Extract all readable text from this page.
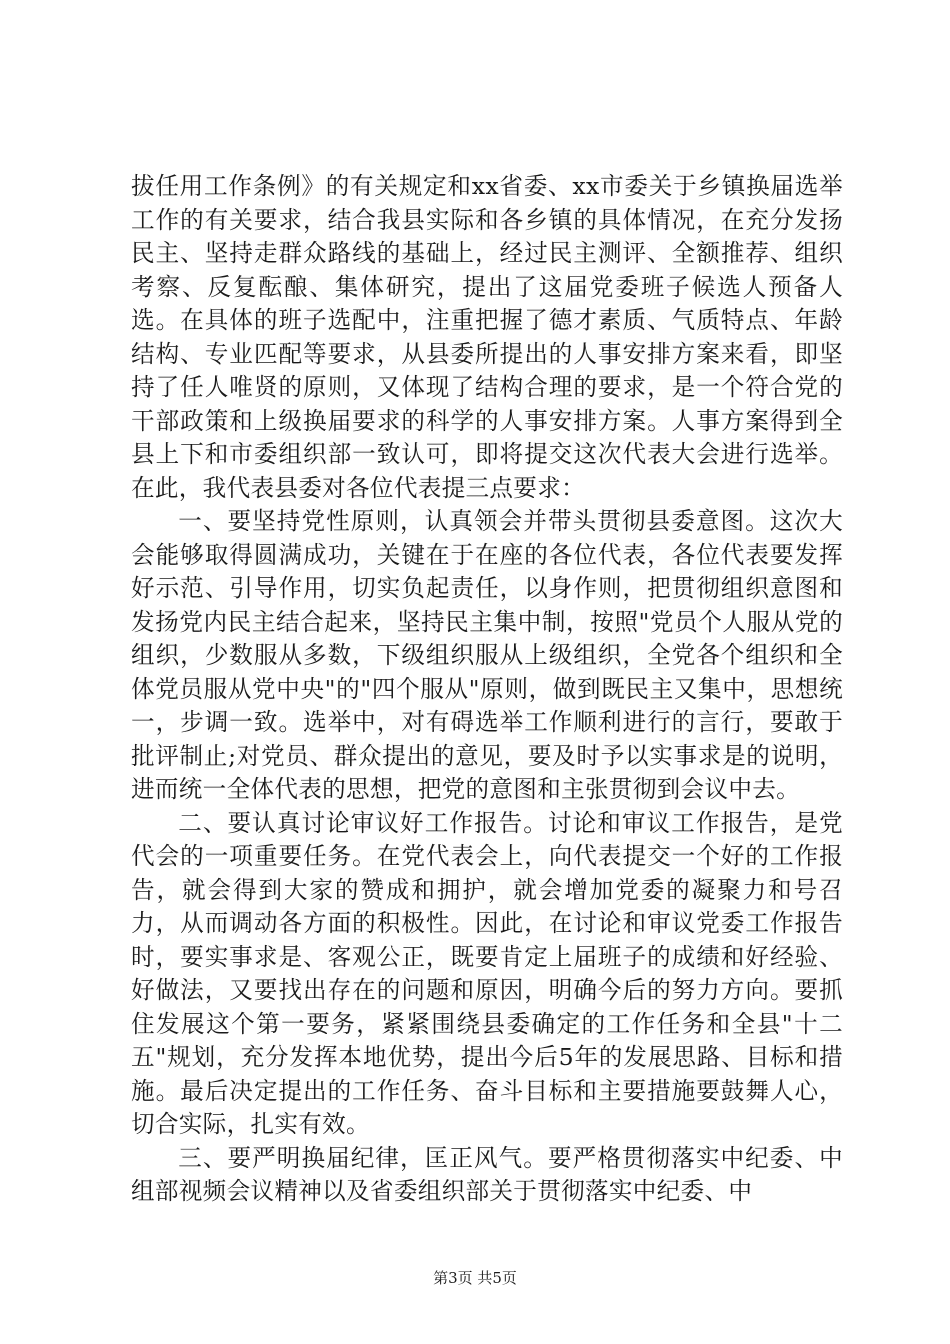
拔任用工作条例》的有关规定和xx省委、xx市委关于乡镇换届选举工作的有关要求，结合我县实际和各乡镇的具体情况，在充分发扬民主、坚持走群众路线的基础上，经过民主测评、全额推荐、组织考察、反复酝酿、集体研究，提出了这届党委班子候选人预备人选。在具体的班子选配中，注重把握了德才素质、气质特点、年龄结构、专业匹配等要求，从县委所提出的人事安排方案来看，即坚持了任人唯贤的原则，又体现了结构合理的要求，是一个符合党的干部政策和上级换届要求的科学的人事安排方案。人事方案得到全县上下和市委组织部一致认可，即将提交这次代表大会进行选举。在此，我代表县委对各位代表提三点要求：

一、要坚持党性原则，认真领会并带头贯彻县委意图。这次大会能够取得圆满成功，关键在于在座的各位代表，各位代表要发挥好示范、引导作用，切实负起责任，以身作则，把贯彻组织意图和发扬党内民主结合起来，坚持民主集中制，按照"党员个人服从党的组织，少数服从多数，下级组织服从上级组织，全党各个组织和全体党员服从党中央"的"四个服从"原则，做到既民主又集中，思想统一，步调一致。选举中，对有碍选举工作顺利进行的言行，要敢于批评制止;对党员、群众提出的意见，要及时予以实事求是的说明，进而统一全体代表的思想，把党的意图和主张贯彻到会议中去。

二、要认真讨论审议好工作报告。讨论和审议工作报告，是党代会的一项重要任务。在党代表会上，向代表提交一个好的工作报告，就会得到大家的赞成和拥护，就会增加党委的凝聚力和号召力，从而调动各方面的积极性。因此，在讨论和审议党委工作报告时，要实事求是、客观公正，既要肯定上届班子的成绩和好经验、好做法，又要找出存在的问题和原因，明确今后的努力方向。要抓住发展这个第一要务，紧紧围绕县委确定的工作任务和全县"十二五"规划，充分发挥本地优势，提出今后5年的发展思路、目标和措施。最后决定提出的工作任务、奋斗目标和主要措施要鼓舞人心，切合实际，扎实有效。

三、要严明换届纪律，匡正风气。要严格贯彻落实中纪委、中组部视频会议精神以及省委组织部关于贯彻落实中纪委、中

第3页 共5页
